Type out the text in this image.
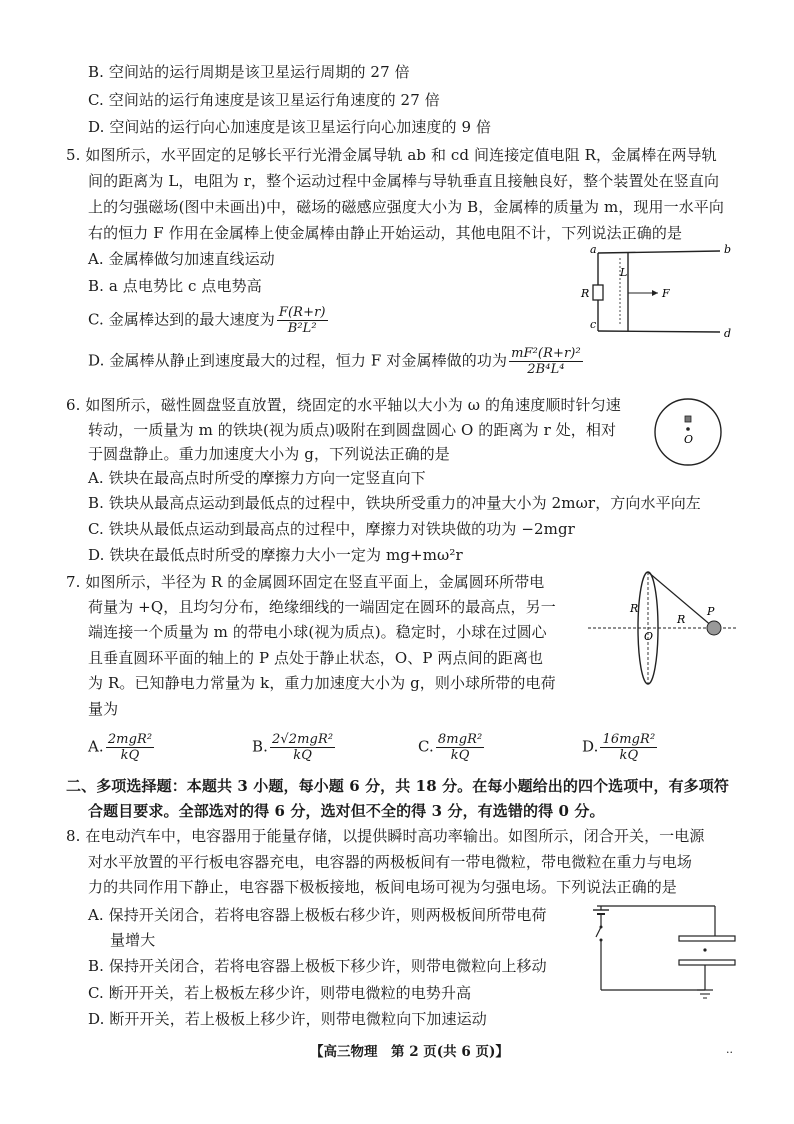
B. 空间站的运行周期是该卫星运行周期的 27 倍
C. 空间站的运行角速度是该卫星运行角速度的 27 倍
D. 空间站的运行向心加速度是该卫星运行向心加速度的 9 倍
5. 如图所示，水平固定的足够长平行光滑金属导轨 ab 和 cd 间连接定值电阻 R，金属棒在两导轨
间的距离为 L，电阻为 r，整个运动过程中金属棒与导轨垂直且接触良好，整个装置处在竖直向
上的匀强磁场(图中未画出)中，磁场的磁感应强度大小为 B，金属棒的质量为 m，现用一水平向
右的恒力 F 作用在金属棒上使金属棒由静止开始运动，其他电阻不计，下列说法正确的是
A. 金属棒做匀加速直线运动
B. a 点电势比 c 点电势高
C. 金属棒达到的最大速度为 $\frac{F(R+r)}{\text{B²L²}}$
D. 金属棒从静止到速度最大的过程，恒力 F 对金属棒做的功为 $\frac{\text{mF²(R+r)²}}{\text{2B⁴L⁴}}$
a	b
c
d
R
L
F
6. 如图所示，磁性圆盘竖直放置，绕固定的水平轴以大小为 ω 的角速度顺时针匀速
转动，一质量为 m 的铁块(视为质点)吸附在到圆盘圆心 O 的距离为 r 处，相对
于圆盘静止。重力加速度大小为 g，下列说法正确的是
A. 铁块在最高点时所受的摩擦力方向一定竖直向下
B. 铁块从最高点运动到最低点的过程中，铁块所受重力的冲量大小为 2mωr，方向水平向左
C. 铁块从最低点运动到最高点的过程中，摩擦力对铁块做的功为 −2mgr
D. 铁块在最低点时所受的摩擦力大小一定为 mg+mω²r
O
7. 如图所示，半径为 R 的金属圆环固定在竖直平面上，金属圆环所带电
荷量为 +Q，且均匀分布，绝缘细线的一端固定在圆环的最高点，另一
端连接一个质量为 m 的带电小球(视为质点)。稳定时，小球在过圆心
且垂直圆环平面的轴上的 P 点处于静止状态，O、P 两点间的距离也
为 R。已知静电力常量为 k，重力加速度大小为 g，则小球所带的电荷
量为
A. $\frac{\text{2mgR²}}{kQ}$	B. $\frac{\text{2√2mgR²}}{kQ}$	C. $\frac{\text{8mgR²}}{kQ}$	D. $\frac{\text{16mgR²}}{kQ}$
R
R
O
P
二、多项选择题：本题共 3 小题，每小题 6 分，共 18 分。在每小题给出的四个选项中，有多项符
合题目要求。全部选对的得 6 分，选对但不全的得 3 分，有选错的得 0 分。
8. 在电动汽车中，电容器用于能量存储，以提供瞬时高功率输出。如图所示，闭合开关，一电源
对水平放置的平行板电容器充电，电容器的两极板间有一带电微粒，带电微粒在重力与电场
力的共同作用下静止，电容器下极板接地，板间电场可视为匀强电场。下列说法正确的是
A. 保持开关闭合，若将电容器上极板右移少许，则两极板间所带电荷
量增大
B. 保持开关闭合，若将电容器上极板下移少许，则带电微粒向上移动
C. 断开开关，若上极板左移少许，则带电微粒的电势升高
D. 断开开关，若上极板上移少许，则带电微粒向下加速运动
【高三物理　第 2 页(共 6 页)】	··
